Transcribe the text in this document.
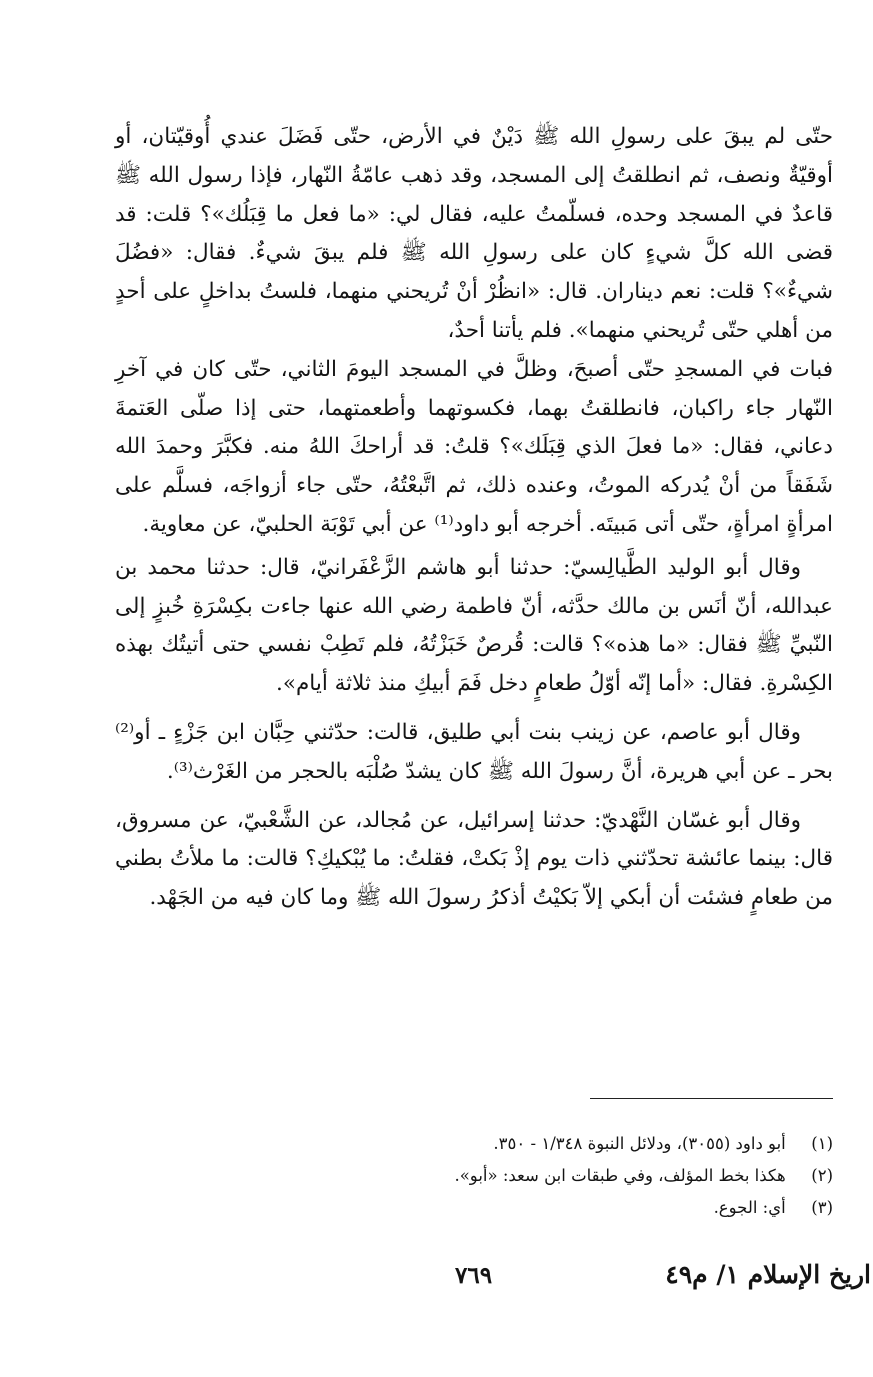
حتّى لم يبقَ على رسولِ الله ﷺ دَيْنٌ في الأرض، حتّى فَضَلَ عندي أُوقيّتان، أو أوقيّةٌ ونصف، ثم انطلقتُ إلى المسجد، وقد ذهب عامّةُ النّهار، فإذا رسول الله ﷺ قاعدٌ في المسجد وحده، فسلّمتُ عليه، فقال لي: «ما فعل ما قِبَلُك»؟ قلت: قد قضى الله كلَّ شيءٍ كان على رسولِ الله ﷺ فلم يبقَ شيءٌ. فقال: «فضُلَ شيءٌ»؟ قلت: نعم ديناران. قال: «انظُرْ أنْ تُريحني منهما، فلستُ بداخلٍ على أحدٍ من أهلي حتّى تُريحني منهما». فلم يأتنا أحدٌ،

فبات في المسجدِ حتّى أصبحَ، وظلَّ في المسجد اليومَ الثاني، حتّى كان في آخرِ النّهار جاء راكبان، فانطلقتُ بهما، فكسوتهما وأطعمتهما، حتى إذا صلّى العَتمةَ دعاني، فقال: «ما فعلَ الذي قِبَلَك»؟ قلتُ: قد أراحكَ اللهُ منه. فكبَّرَ وحمدَ الله شَفَقاً من أنْ يُدركه الموتُ، وعنده ذلك، ثم اتَّبعْتُهُ، حتّى جاء أزواجَه، فسلَّم على امرأةٍ امرأةٍ، حتّى أتى مَبيتَه. أخرجه أبو داود⁽¹⁾ عن أبي تَوْبَة الحلبيّ، عن معاوية.

وقال أبو الوليد الطَّيالِسيّ: حدثنا أبو هاشم الزَّعْفَرانيّ، قال: حدثنا محمد بن عبدالله، أنّ أنَس بن مالك حدَّثه، أنّ فاطمة رضي الله عنها جاءت بكِسْرَةِ خُبزٍ إلى النّبيِّ ﷺ فقال: «ما هذه»؟ قالت: قُرصٌ خَبَزْتُهُ، فلم تَطِبْ نفسي حتى أتيتُك بهذه الكِسْرةِ. فقال: «أما إنّه أوّلُ طعامٍ دخل فَمَ أبيكِ منذ ثلاثة أيام».

وقال أبو عاصم، عن زينب بنت أبي طليق، قالت: حدّثني حِبَّان ابن جَزْءٍ ـ أو⁽²⁾ بحر ـ عن أبي هريرة، أنَّ رسولَ الله ﷺ كان يشدّ صُلْبَه بالحجر من الغَرْث⁽³⁾.

وقال أبو غسّان النَّهْديّ: حدثنا إسرائيل، عن مُجالد، عن الشَّعْبيّ، عن مسروق، قال: بينما عائشة تحدّثني ذات يوم إذْ بَكتْ، فقلتُ: ما يُبْكيكِ؟ قالت: ما ملأتُ بطني من طعامٍ فشئت أن أبكي إلاّ بَكيْتُ أذكرُ رسولَ الله ﷺ وما كان فيه من الجَهْد.

(١) أبو داود (٣٠٥٥)، ودلائل النبوة ١/٣٤٨ - ٣٥٠.
(٢) هكذا بخط المؤلف، وفي طبقات ابن سعد: «أبو».
(٣) أي: الجوع.
اريخ الإسلام ١/ م٤٩
٧٦٩
